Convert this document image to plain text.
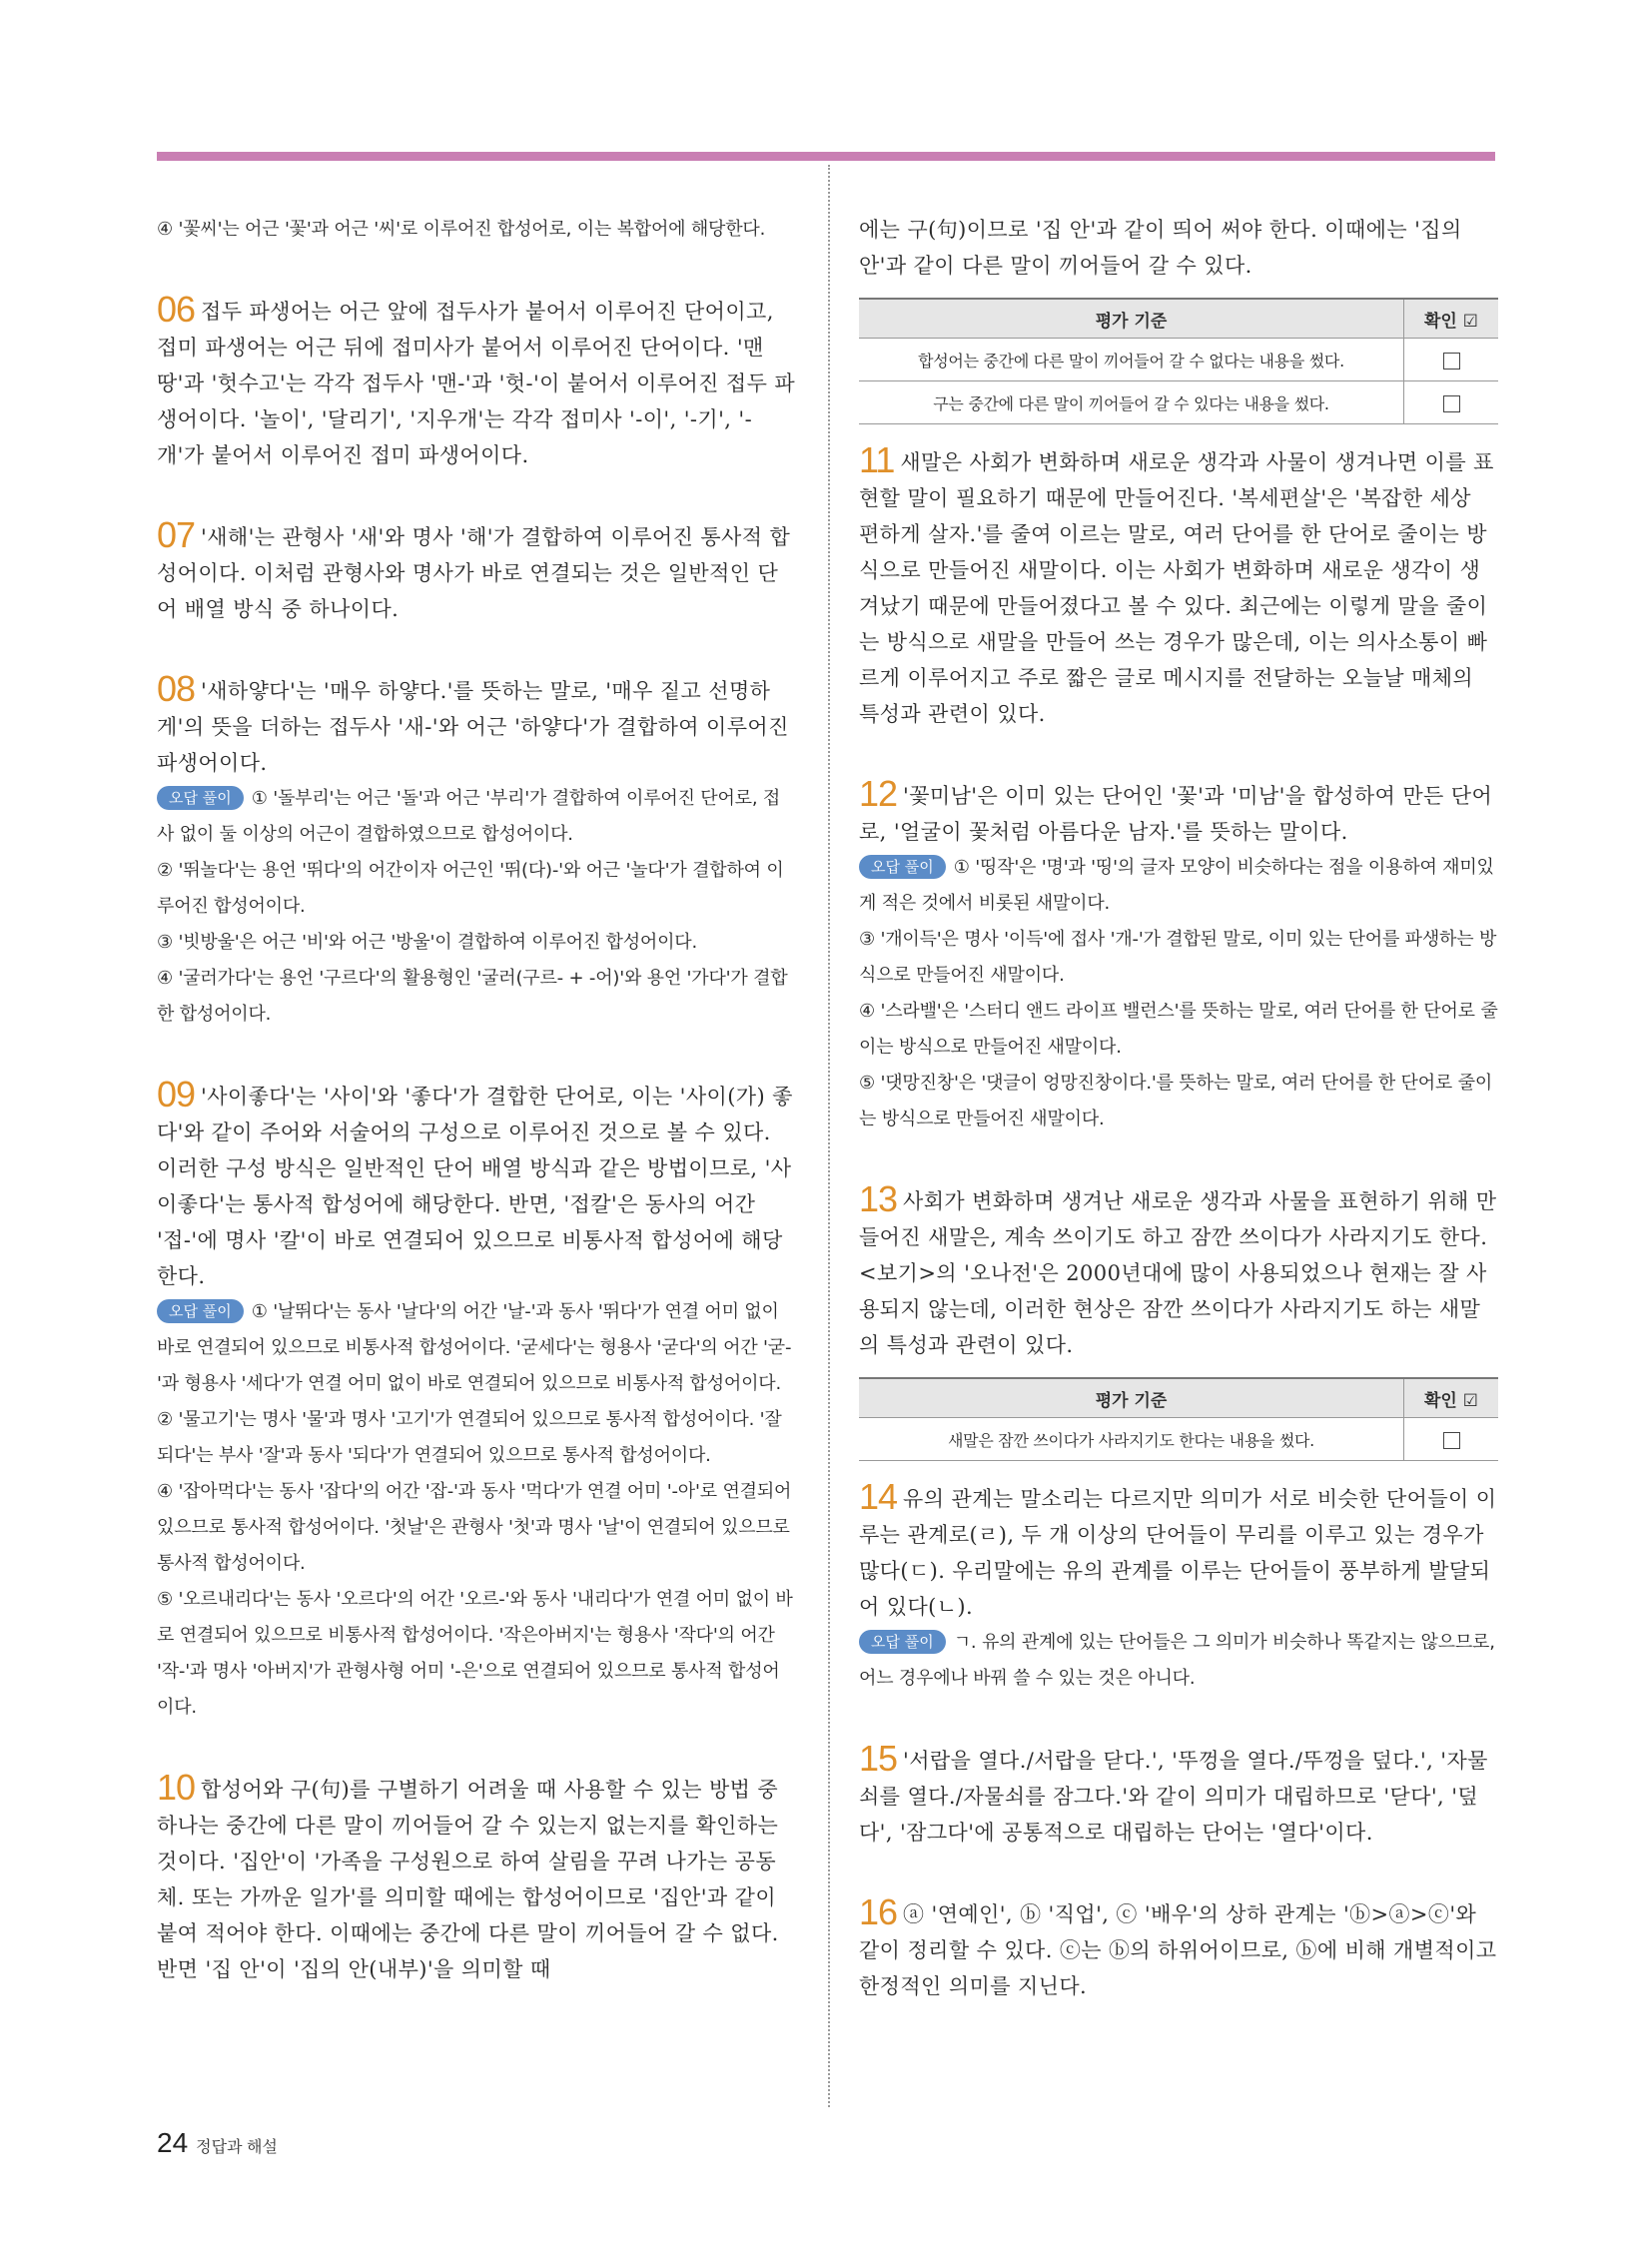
④ '꽃씨'는 어근 '꽃'과 어근 '씨'로 이루어진 합성어로, 이는 복합어에 해당한다.

06 접두 파생어는 어근 앞에 접두사가 붙어서 이루어진 단어이고, 접미 파생어는 어근 뒤에 접미사가 붙어서 이루어진 단어이다. '맨땅'과 '헛수고'는 각각 접두사 '맨-'과 '헛-'이 붙어서 이루어진 접두 파생어이다. '놀이', '달리기', '지우개'는 각각 접미사 '-이', '-기', '-개'가 붙어서 이루어진 접미 파생어이다.

07 '새해'는 관형사 '새'와 명사 '해'가 결합하여 이루어진 통사적 합성어이다. 이처럼 관형사와 명사가 바로 연결되는 것은 일반적인 단어 배열 방식 중 하나이다.

08 '새하얗다'는 '매우 하얗다.'를 뜻하는 말로, '매우 짙고 선명하게'의 뜻을 더하는 접두사 '새-'와 어근 '하얗다'가 결합하여 이루어진 파생어이다.

오답 풀이 ① '돌부리'는 어근 '돌'과 어근 '부리'가 결합하여 이루어진 단어로, 접사 없이 둘 이상의 어근이 결합하였으므로 합성어이다.

② '뛰놀다'는 용언 '뛰다'의 어간이자 어근인 '뛰(다)-'와 어근 '놀다'가 결합하여 이루어진 합성어이다.

③ '빗방울'은 어근 '비'와 어근 '방울'이 결합하여 이루어진 합성어이다.

④ '굴러가다'는 용언 '구르다'의 활용형인 '굴러(구르- + -어)'와 용언 '가다'가 결합한 합성어이다.

09 '사이좋다'는 '사이'와 '좋다'가 결합한 단어로, 이는 '사이(가) 좋다'와 같이 주어와 서술어의 구성으로 이루어진 것으로 볼 수 있다. 이러한 구성 방식은 일반적인 단어 배열 방식과 같은 방법이므로, '사이좋다'는 통사적 합성어에 해당한다. 반면, '접칼'은 동사의 어간 '접-'에 명사 '칼'이 바로 연결되어 있으므로 비통사적 합성어에 해당한다.

오답 풀이 ① '날뛰다'는 동사 '날다'의 어간 '날-'과 동사 '뛰다'가 연결 어미 없이 바로 연결되어 있으므로 비통사적 합성어이다. '굳세다'는 형용사 '굳다'의 어간 '굳-'과 형용사 '세다'가 연결 어미 없이 바로 연결되어 있으므로 비통사적 합성어이다.

② '물고기'는 명사 '물'과 명사 '고기'가 연결되어 있으므로 통사적 합성어이다. '잘되다'는 부사 '잘'과 동사 '되다'가 연결되어 있으므로 통사적 합성어이다.

④ '잡아먹다'는 동사 '잡다'의 어간 '잡-'과 동사 '먹다'가 연결 어미 '-아'로 연결되어 있으므로 통사적 합성어이다. '첫날'은 관형사 '첫'과 명사 '날'이 연결되어 있으므로 통사적 합성어이다.

⑤ '오르내리다'는 동사 '오르다'의 어간 '오르-'와 동사 '내리다'가 연결 어미 없이 바로 연결되어 있으므로 비통사적 합성어이다. '작은아버지'는 형용사 '작다'의 어간 '작-'과 명사 '아버지'가 관형사형 어미 '-은'으로 연결되어 있으므로 통사적 합성어이다.

10 합성어와 구(句)를 구별하기 어려울 때 사용할 수 있는 방법 중 하나는 중간에 다른 말이 끼어들어 갈 수 있는지 없는지를 확인하는 것이다. '집안'이 '가족을 구성원으로 하여 살림을 꾸려 나가는 공동체. 또는 가까운 일가'를 의미할 때에는 합성어이므로 '집안'과 같이 붙여 적어야 한다. 이때에는 중간에 다른 말이 끼어들어 갈 수 없다. 반면 '집 안'이 '집의 안(내부)'을 의미할 때

에는 구(句)이므로 '집 안'과 같이 띄어 써야 한다. 이때에는 '집의 안'과 같이 다른 말이 끼어들어 갈 수 있다.

평가 기준	확인 ☑
합성어는 중간에 다른 말이 끼어들어 갈 수 없다는 내용을 썼다.	
구는 중간에 다른 말이 끼어들어 갈 수 있다는 내용을 썼다.	

11 새말은 사회가 변화하며 새로운 생각과 사물이 생겨나면 이를 표현할 말이 필요하기 때문에 만들어진다. '복세편살'은 '복잡한 세상 편하게 살자.'를 줄여 이르는 말로, 여러 단어를 한 단어로 줄이는 방식으로 만들어진 새말이다. 이는 사회가 변화하며 새로운 생각이 생겨났기 때문에 만들어졌다고 볼 수 있다. 최근에는 이렇게 말을 줄이는 방식으로 새말을 만들어 쓰는 경우가 많은데, 이는 의사소통이 빠르게 이루어지고 주로 짧은 글로 메시지를 전달하는 오늘날 매체의 특성과 관련이 있다.

12 '꽃미남'은 이미 있는 단어인 '꽃'과 '미남'을 합성하여 만든 단어로, '얼굴이 꽃처럼 아름다운 남자.'를 뜻하는 말이다.

오답 풀이 ① '띵작'은 '명'과 '띵'의 글자 모양이 비슷하다는 점을 이용하여 재미있게 적은 것에서 비롯된 새말이다.

③ '개이득'은 명사 '이득'에 접사 '개-'가 결합된 말로, 이미 있는 단어를 파생하는 방식으로 만들어진 새말이다.

④ '스라밸'은 '스터디 앤드 라이프 밸런스'를 뜻하는 말로, 여러 단어를 한 단어로 줄이는 방식으로 만들어진 새말이다.

⑤ '댓망진창'은 '댓글이 엉망진창이다.'를 뜻하는 말로, 여러 단어를 한 단어로 줄이는 방식으로 만들어진 새말이다.

13 사회가 변화하며 생겨난 새로운 생각과 사물을 표현하기 위해 만들어진 새말은, 계속 쓰이기도 하고 잠깐 쓰이다가 사라지기도 한다. <보기>의 '오나전'은 2000년대에 많이 사용되었으나 현재는 잘 사용되지 않는데, 이러한 현상은 잠깐 쓰이다가 사라지기도 하는 새말의 특성과 관련이 있다.

평가 기준	확인 ☑
새말은 잠깐 쓰이다가 사라지기도 한다는 내용을 썼다.	

14 유의 관계는 말소리는 다르지만 의미가 서로 비슷한 단어들이 이루는 관계로(ㄹ), 두 개 이상의 단어들이 무리를 이루고 있는 경우가 많다(ㄷ). 우리말에는 유의 관계를 이루는 단어들이 풍부하게 발달되어 있다(ㄴ).

오답 풀이 ㄱ. 유의 관계에 있는 단어들은 그 의미가 비슷하나 똑같지는 않으므로, 어느 경우에나 바꿔 쓸 수 있는 것은 아니다.

15 '서랍을 열다./서랍을 닫다.', '뚜껑을 열다./뚜껑을 덮다.', '자물쇠를 열다./자물쇠를 잠그다.'와 같이 의미가 대립하므로 '닫다', '덮다', '잠그다'에 공통적으로 대립하는 단어는 '열다'이다.

16 ⓐ '연예인', ⓑ '직업', ⓒ '배우'의 상하 관계는 'ⓑ>ⓐ>ⓒ'와 같이 정리할 수 있다. ⓒ는 ⓑ의 하위어이므로, ⓑ에 비해 개별적이고 한정적인 의미를 지닌다.

24 정답과 해설
